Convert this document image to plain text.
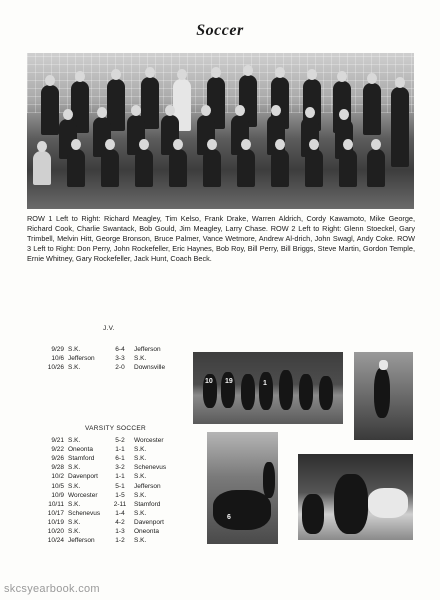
Soccer
ROW 1 Left to Right: Richard Meagley, Tim Kelso, Frank Drake, Warren Aldrich, Cordy Kawamoto, Mike George, Richard Cook, Charlie Swantack, Bob Gould, Jim Meagley, Larry Chase. ROW 2 Left to Right: Glenn Stoeckel, Gary Trimbell, Melvin Hitt, George Bronson, Bruce Palmer, Vance Wetmore, Andrew Al-drich, John Swagl, Andy Coke. ROW 3 Left to Right: Don Perry, John Rockefeller, Eric Haynes, Bob Roy, Bill Perry, Bill Briggs, Steve Martin, Gordon Temple, Ernie Whitney, Gary Rockefeller, Jack Hunt, Coach Beck.
J.V.
9/29	S.K.	6-4	Jefferson
10/6	Jefferson	3-3	S.K.
10/26	S.K.	2-0	Downsville
VARSITY SOCCER
9/21	S.K.	5-2	Worcester
9/22	Oneonta	1-1	S.K.
9/26	Stamford	6-1	S.K.
9/28	S.K.	3-2	Schenevus
10/2	Davenport	1-1	S.K.
10/5	S.K.	5-1	Jefferson
10/9	Worcester	1-5	S.K.
10/11	S.K.	2-11	Stamford
10/17	Schenevus	1-4	S.K.
10/19	S.K.	4-2	Davenport
10/20	S.K.	1-3	Oneonta
10/24	Jefferson	1-2	S.K.
10 19	1
6
skcsyearbook.com
